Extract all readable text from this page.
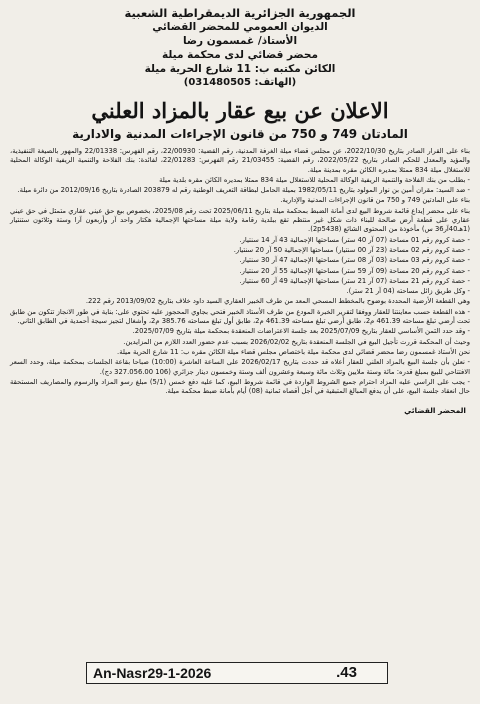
الجمهورية الجزائرية الديمقراطية الشعبية
الديوان العمومي للمحضر القضائي
الأستاذ/ غمسمون رضا
محضر قضائي لدى محكمة ميلة
الكائن مكتبه ب: 11 شارع الحرية ميلة
(الهاتف: 031480505)
الاعلان عن بيع عقار بالمزاد العلني
المادتان 749 و 750 من قانون الإجراءات المدنية والادارية

بناء على القرار الصادر بتاريخ 2022/10/30، عن مجلس قضاء ميلة الغرفة المدنية، رقم القضية: 22/00930، رقم الفهرس: 22/01338 والمهور بالصيغة التنفيذية، والمؤيد والمعدل للحكم الصادر بتاريخ 2022/05/22، رقم القضية: 21/03455 رقم الفهرس: 22/01283، لفائدة: بنك الفلاحة والتنمية الريفية الوكالة المحلية للاستغلال ميلة 834 ممثلا بمديره الكائن مقره بمدينة ميلة.

- بطلب من بنك الفلاحة والتنمية الريفية الوكالة المحلية للاستغلال ميلة 834 ممثلا بمديره الكائن مقره بلدية ميلة

- ضد السيد: مقران أمين بن نوار المولود بتاريخ 1982/05/11 بميلة الحامل لبطاقة التعريف الوطنية رقم له 203879 الصادرة بتاريخ 2012/09/16 من دائرة ميلة.

بناء على المادتين 749 و 750 من قانون الإجراءات المدنية والإدارية.

بناء على محضر إيداع قائمة شروط البيع لدى أمانة الضبط بمحكمة ميلة بتاريخ 2025/06/11 تحت رقم 2025/08، بخصوص بيع حق عيني عقاري متمثل في حق عيني عقاري على قطعة أرض صالحة للبناء ذات شكل غير منتظم تقع ببلدية رقامة ولاية ميلة مساحتها الإجمالية هكتار واحد آر وأربعون آرا وستة وثلاثون ستنتيار (1هـ40آر36 س) مأخوذة من المحتوى الشائع (2p5438).

- حصة كروم رقم 01 مساحة (07 آر 40 ستر) مساحتها الإجمالية 43 آر 14 سنتيار.

- حصة كروم رقم 02 مساحة (23 آر 00 سنتيار) مساحتها الإجمالية 50 آر 20 سنتيار.

- حصة كروم رقم 03 مساحة (03 آر 08 ستر) مساحتها الإجمالية 47 آر 30 سنتيار.

- حصة كروم رقم 20 مساحة (09 آر 59 ستر) مساحتها الإجمالية 55 آر 20 سنتيار.

- حصة كروم رقم 21 مساحة (07 آر 21 ستر) مساحتها الإجمالية 49 آر 60 سنتيار.

- وكل طريق زائل مساحته (04 آر 21 ستر).

وهي القطعة الأرضية المحددة بوضوح بالمخطط المسحي المعد من طرف الخبير العقاري السيد داود خلاف بتاريخ 2013/09/02 رقم 222.

- هذه القطعة حسب معاينتنا للعقار ووفقا لتقرير الخبرة المودع من طرف الأستاذ الخبير فتحي بجاوي المحجوز عليه تحتوي على: بناية في طور الانجاز تتكون من طابق تحت أرضي تبلغ مساحته 461.39 م2، طابق أرضي تبلغ مساحته 461.39 م2، طابق أول تبلغ مساحته 385.76 م2، وأشغال لتجيز سيجة أحمدية في الطابق الثاني.

- وقد حدد الثمن الأساسي للعقار بتاريخ 2025/07/09 بعد جلسة الاعتراضات المنعقدة بمحكمة ميلة بتاريخ 2025/07/09.

وحيث أن المحكمة قررت تأجيل البيع في الجلسة المنعقدة بتاريخ 2026/02/02 بسبب عدم حضور العدد اللازم من المزايدين.

نحن الأستاذ غمسمون رضا محضر قضائي لدى محكمة ميلة باختصاص مجلس قضاء ميلة الكائن مقره ب: 11 شارع الحرية ميلة.

- نعلن بأن جلسة البيع بالمزاد العلني للعقار أعلاه قد حددت بتاريخ 2026/02/17 على الساعة العاشرة (10:00) صباحا بقاعة الجلسات بمحكمة ميلة، وحدد السعر الافتتاحي للبيع بمبلغ قدره: مائة وستة ملايين وثلاث مائة وسبعة وعشرون ألف وستة وخمسون دينار جزائري (106 327.056.00 دج).

- يجب على الراسي عليه المزاد احترام جميع الشروط الواردة في قائمة شروط البيع، كما عليه دفع خمس (5/1) مبلغ رسو المزاد والرسوم والمصاريف المستحقة حال انعقاد جلسة البيع، على أن يدفع المبالغ المتبقية في أجل أقصاه ثمانية (08) أيام بأمانة ضبط محكمة ميلة.

المحضر القضائي
An-Nasr29-1-2026	.43
